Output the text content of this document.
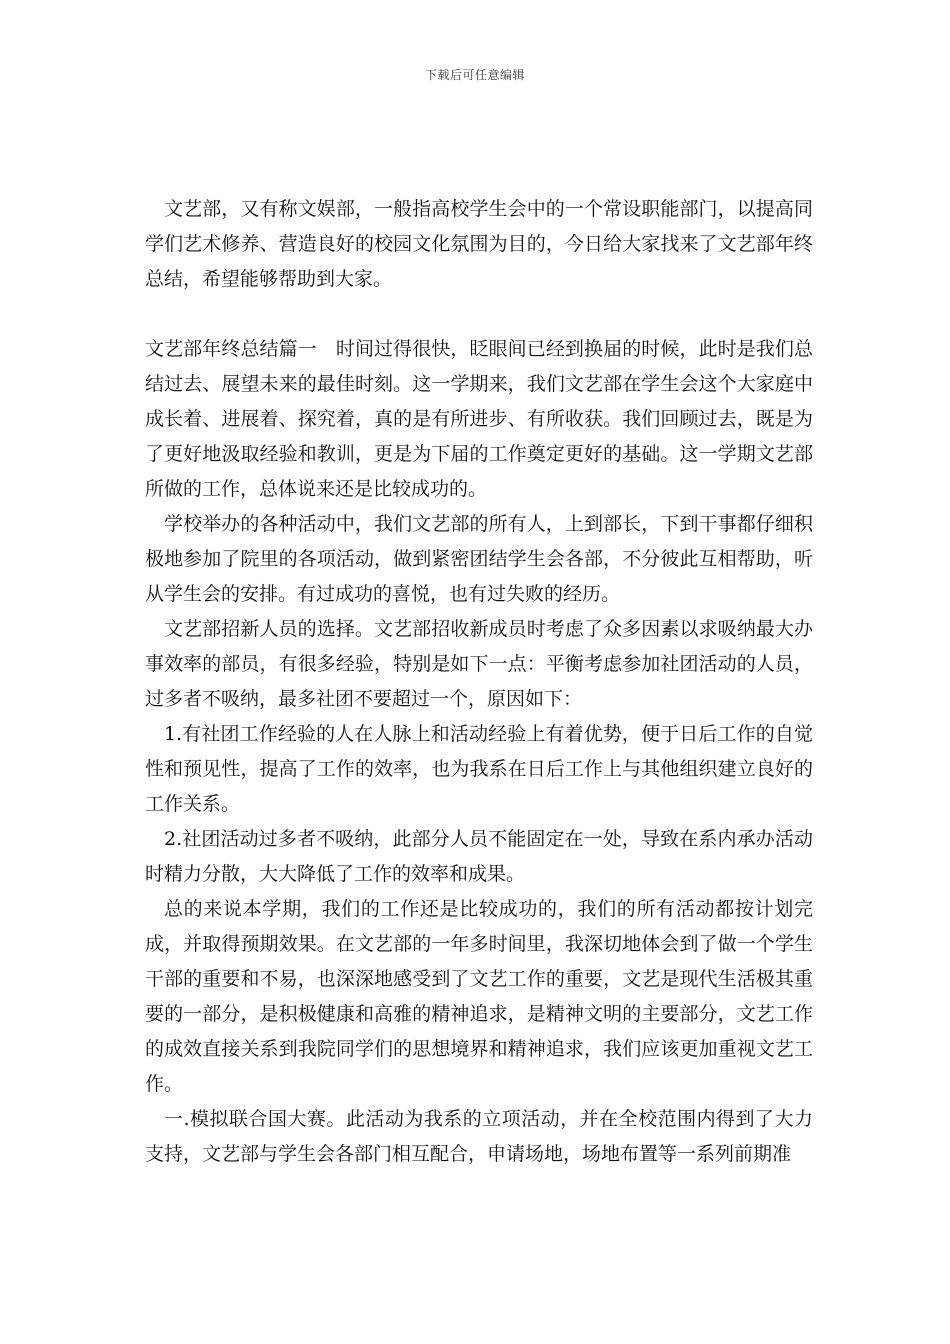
下载后可任意编辑

文艺部，又有称文娱部，一般指高校学生会中的一个常设职能部门，以提高同学们艺术修养、营造良好的校园文化氛围为目的，今日给大家找来了文艺部年终总结，希望能够帮助到大家。

文艺部年终总结篇一　时间过得很快，眨眼间已经到换届的时候，此时是我们总结过去、展望未来的最佳时刻。这一学期来，我们文艺部在学生会这个大家庭中成长着、进展着、探究着，真的是有所进步、有所收获。我们回顾过去，既是为了更好地汲取经验和教训，更是为下届的工作奠定更好的基础。这一学期文艺部所做的工作，总体说来还是比较成功的。

学校举办的各种活动中，我们文艺部的所有人，上到部长，下到干事都仔细积极地参加了院里的各项活动，做到紧密团结学生会各部，不分彼此互相帮助，听从学生会的安排。有过成功的喜悦，也有过失败的经历。

文艺部招新人员的选择。文艺部招收新成员时考虑了众多因素以求吸纳最大办事效率的部员，有很多经验，特别是如下一点：平衡考虑参加社团活动的人员，过多者不吸纳，最多社团不要超过一个，原因如下：

1.有社团工作经验的人在人脉上和活动经验上有着优势，便于日后工作的自觉性和预见性，提高了工作的效率，也为我系在日后工作上与其他组织建立良好的工作关系。

2.社团活动过多者不吸纳，此部分人员不能固定在一处，导致在系内承办活动时精力分散，大大降低了工作的效率和成果。

总的来说本学期，我们的工作还是比较成功的，我们的所有活动都按计划完成，并取得预期效果。在文艺部的一年多时间里，我深切地体会到了做一个学生干部的重要和不易，也深深地感受到了文艺工作的重要，文艺是现代生活极其重要的一部分，是积极健康和高雅的精神追求，是精神文明的主要部分，文艺工作的成效直接关系到我院同学们的思想境界和精神追求，我们应该更加重视文艺工作。

一.模拟联合国大赛。此活动为我系的立项活动，并在全校范围内得到了大力支持，文艺部与学生会各部门相互配合，申请场地，场地布置等一系列前期准
